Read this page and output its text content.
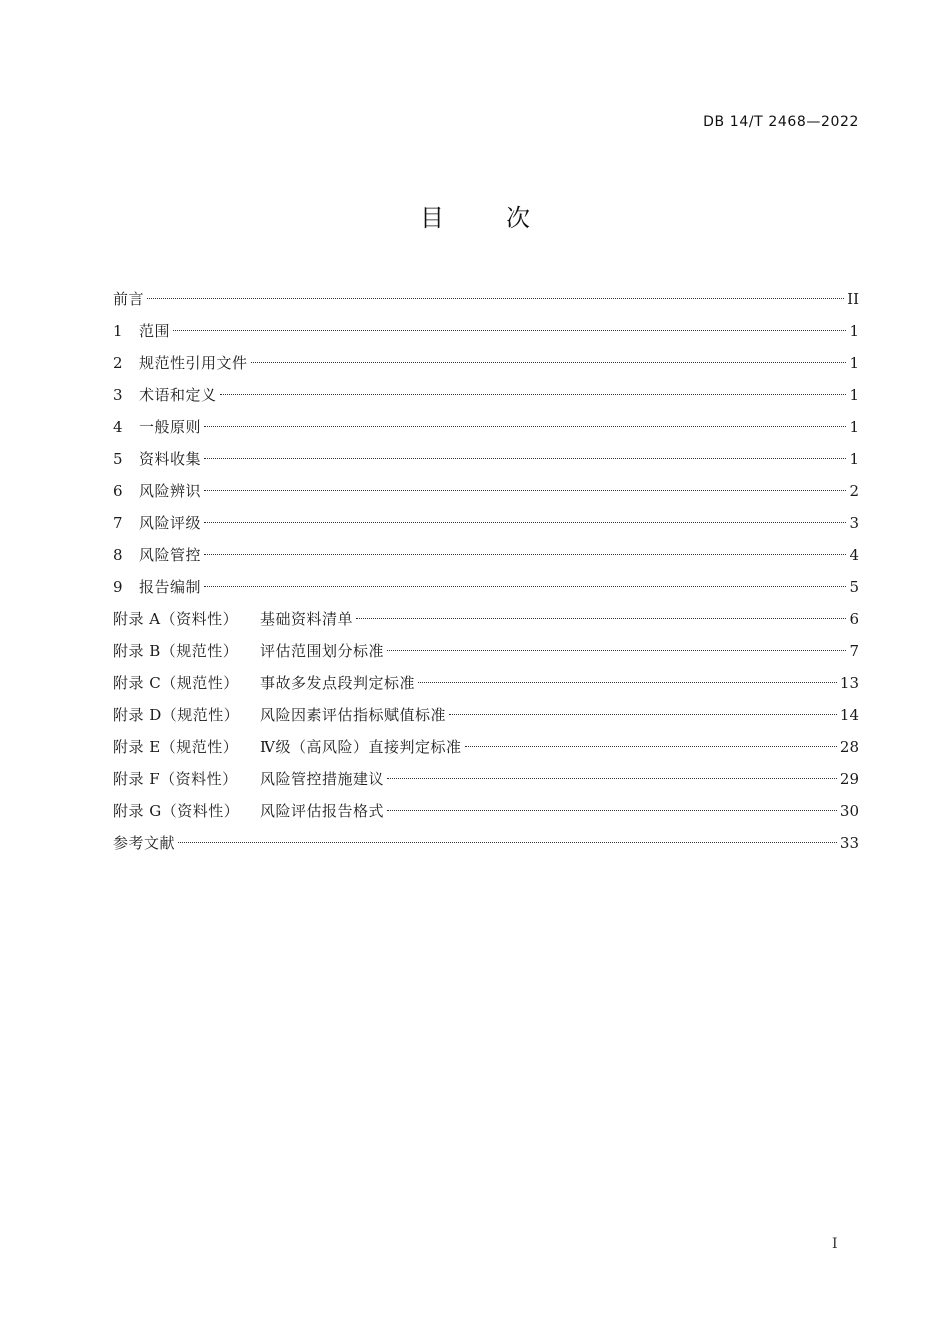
DB 14/T 2468—2022
目	次
前言	II
1	范围	1
2	规范性引用文件	1
3	术语和定义	1
4	一般原则	1
5	资料收集	1
6	风险辨识	2
7	风险评级	3
8	风险管控	4
9	报告编制	5
附录 A（资料性）	基础资料清单	6
附录 B（规范性）	评估范围划分标准	7
附录 C（规范性）	事故多发点段判定标准	13
附录 D（规范性）	风险因素评估指标赋值标准	14
附录 E（规范性）	Ⅳ级（高风险）直接判定标准	28
附录 F（资料性）	风险管控措施建议	29
附录 G（资料性）	风险评估报告格式	30
参考文献	33
I
